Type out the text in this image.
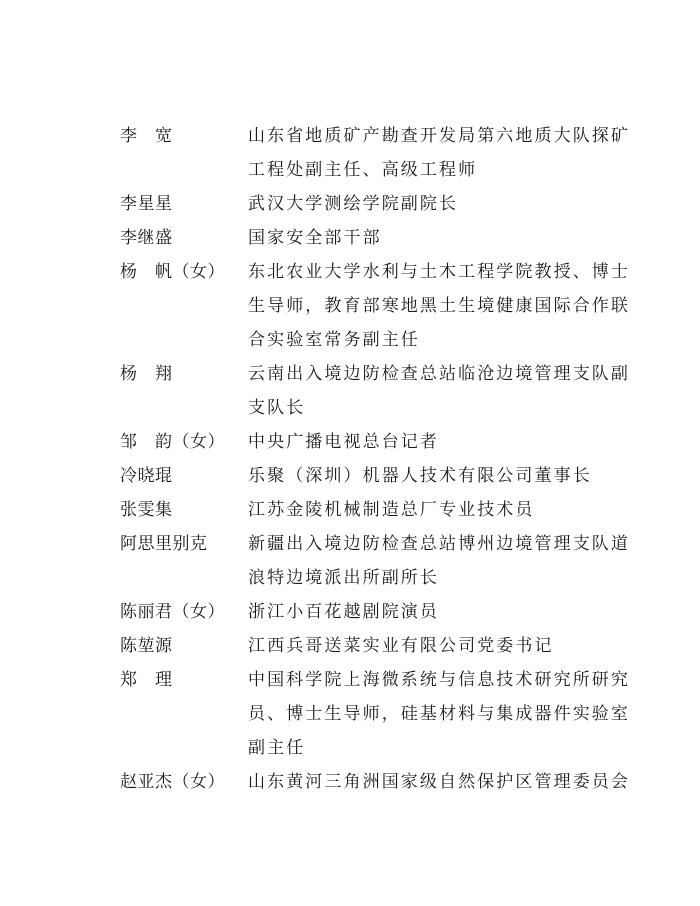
李　宽	山东省地质矿产勘查开发局第六地质大队探矿
工程处副主任、高级工程师
李星星	武汉大学测绘学院副院长
李继盛	国家安全部干部
杨　帆（女）	东北农业大学水利与土木工程学院教授、博士
生导师，教育部寒地黑土生境健康国际合作联
合实验室常务副主任
杨　翔	云南出入境边防检查总站临沧边境管理支队副
支队长
邹　韵（女）	中央广播电视总台记者
冷晓琨	乐聚（深圳）机器人技术有限公司董事长
张雯集	江苏金陵机械制造总厂专业技术员
阿思里别克	新疆出入境边防检查总站博州边境管理支队道
浪特边境派出所副所长
陈丽君（女）	浙江小百花越剧院演员
陈堃源	江西兵哥送菜实业有限公司党委书记
郑　理	中国科学院上海微系统与信息技术研究所研究
员、博士生导师，硅基材料与集成器件实验室
副主任
赵亚杰（女）	山东黄河三角洲国家级自然保护区管理委员会
